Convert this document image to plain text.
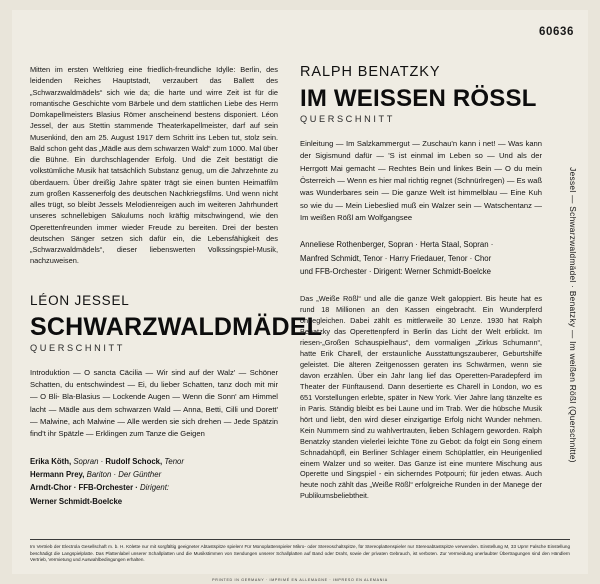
60636

Mitten im ersten Weltkrieg eine friedlich-freundliche Idylle: Berlin, des leidenden Reiches Hauptstadt, verzaubert das Ballett des „Schwarzwaldmädels“ sich wie da; die harte und wirre Zeit ist für die romantische Geschichte vom Bärbele und dem stattlichen Liebe des Herrn Domkapellmeisters Blasius Römer anscheinend bestens disponiert. Léon Jessel, der aus Stettin stammende Theaterkapellmeister, darf auf sein Musenkind, den am 25. August 1917 dem Schritt ins Leben tut, stolz sein. Bald schon geht das „Mädle aus dem schwarzen Wald“ zum 1000. Mal über die Bühne. Ein durchschlagender Erfolg. Und die Zeit bestätigt die volkstümliche Musik hat tatsächlich Substanz genug, um die Jahrzehnte zu überdauern. Über dreißig Jahre später trägt sie einen bunten Heimatfilm zum großen Kassenerfolg des deutschen Nachkriegsfilms. Und wenn nicht alles trügt, so bleibt Jessels Melodienreigen auch im weiteren Jahrhundert unseres schnellebigen Säkulums noch kräftig mitschwingend, wie den Operettenfreunden immer wieder Freude zu bereiten. Drei der besten deutschen Sänger setzen sich dafür ein, die Lebensfähigkeit des „Schwarzwaldmädels“, dieser liebenswerten Volkssingspiel-Musik, nachzuweisen.

LÉON JESSEL
SCHWARZWALDMÄDEL
QUERSCHNITT
Introduktion — O sancta Cäcilia — Wir sind auf der Walz' — Schöner Schatten, du entschwindest — Ei, du lieber Schatten, tanz doch mit mir — O Bli- Bla-Blasius — Lockende Augen — Wenn die Sonn' am Himmel lacht — Mädle aus dem schwarzen Wald — Anna, Betti, Cilli und Dorett' — Malwine, ach Malwine — Alle werden sie sich drehen — Jede Spätzin find't ihr Spätzle — Erklingen zum Tanze die Geigen
Erika Köth, Sopran · Rudolf Schock, Tenor
Hermann Prey, Bariton · Der Günther
Arndt-Chor · FFB-Orchester · Dirigent:
Werner Schmidt-Boelcke
RALPH BENATZKY
IM WEISSEN RÖSSL
QUERSCHNITT
Einleitung — Im Salzkammergut — Zuschau'n kann i net! — Was kann der Sigismund dafür — 'S ist einmal im Leben so — Und als der Herrgott Mai gemacht — Rechtes Bein und linkes Bein — O du mein Österreich — Wenn es hier mal richtig regnet (Schnürlregen) — Es waß was Wunderbares sein — Die ganze Welt ist himmelblau — Eine Kuh so wie du — Mein Liebeslied muß ein Walzer sein — Watschentanz — Im weißen Rößl am Wolfgangsee
Anneliese Rothenberger, Sopran · Herta Staal, Sopran ·
Manfred Schmidt, Tenor · Harry Friedauer, Tenor · Chor
und FFB-Orchester · Dirigent: Werner Schmidt-Boelcke

Das „Weiße Rößl“ und alle die ganze Welt galoppiert. Bis heute hat es rund 18 Millionen an den Kassen eingebracht. Ein Wunderpferd ohnegleichen. Dabei zählt es mittlerweile 30 Lenze. 1930 hat Ralph Benatzky das Operettenpferd in Berlin das Licht der Welt erblickt. Im riesen-„Großen Schauspielhaus“, dem vormaligen „Zirkus Schumann“, hatte Erik Charell, der erstaunliche Ausstattungszauberer, Geburtshilfe geleistet. Die älteren Zeitgenossen geraten ins Schwärmen, wenn sie davon erzählen. Über ein Jahr lang lief das Operetten-Paradepferd im Theater der Fünftausend. Dann desertierte es Charell in London, wo es 651 Vorstellungen erlebte, später in New York. Vier Jahre lang tänzelte es in Paris. Ständig bleibt es bei Laune und im Trab. Wer die hübsche Musik hört und liebt, den wird dieser einzigartige Erfolg nicht Wunder nehmen. Kein Nummern sind zu wahlvertrauten, lieben Schlagern geworden. Ralph Benatzky standen vielerlei leichte Töne zu Gebot: da folgt ein Song einem Schnadahüpfl, ein Berliner Schlager einem Schüplattler, ein Heurigenlied einem Walzer und so weiter. Das Ganze ist eine muntere Mischung aus Operette und Singspiel - ein sicherndes Potpourri; für jeden etwas. Auch heute noch zählt das „Weiße Rößl“ erfolgreiche Runden in der Manege der Publikumsbeliebtheit.

Jessel — Schwarzwaldmädel · Benatzky — Im weißen Rößl (Querschnitte)

Im Vertrieb der Electrola Gesellschaft m. b. H. Kölette nur mit sorgfältig geeigneter Abtastspitze spielen! Für Monoplattenspieler Mikro- oder Stereoschaltspitze, für Stereoplattenspieler nur Stereoabtastspitze verwenden. Einstellung M, 33 Upm! Falsche Einstellung beschädigt die Langspielplatte. Das Plattenlabel unserer Schallplatten und die Musikstimmen von Sendungen unserer Schallplatten auf Band oder Draht, sowie der privaten Gebrauch, ist verboten. Zur Vermeidung unerlaubter Übertragungen sind den Händlern Vertrieb, Vermietung und Auswahlbedingungen erhalten.

PRINTED IN GERMANY · IMPRIMÉ EN ALLEMAGNE · IMPRESO EN ALEMANIA
